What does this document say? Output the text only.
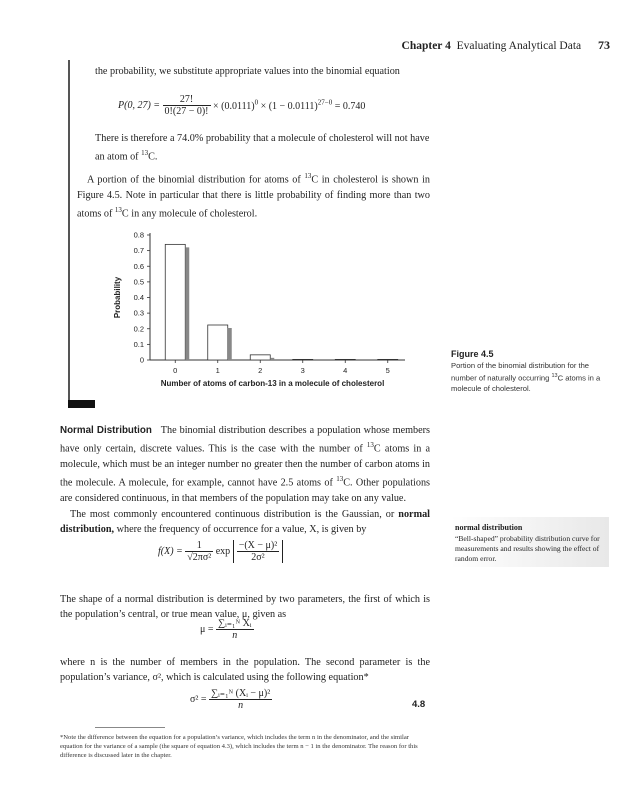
Chapter 4 Evaluating Analytical Data 73
the probability, we substitute appropriate values into the binomial equation
P(0, $27) = \frac{27!}{0!(27 - 0)!} \times (0.0111)^0 \times (1 - 0.0111)^{27-0} = 0.740$
There is therefore a 74.0% probability that a molecule of cholesterol will not have an atom of $^{13}$C.
A portion of the binomial distribution for atoms of $^{13}$C in cholesterol is shown in Figure 4.5. Note in particular that there is little probability of finding more than two atoms of $^{13}$C in any molecule of cholesterol.
0
0.1
0.2
0.3
0.4
0.5
0.6
0.7
0.8
Probability
0	1	2	3	4	5
Number of atoms of carbon-13 in a molecule of cholesterol
Figure 4.5
Portion of the binomial distribution for the number of naturally occurring $^{13}$C atoms in a molecule of cholesterol.
Normal Distribution The binomial distribution describes a population whose members have only certain, discrete values. This is the case with the number of $^{13}$C atoms in a molecule, which must be an integer number no greater then the number of carbon atoms in the molecule. A molecule, for example, cannot have 2.5 atoms of $^{13}$C. Other populations are considered continuous, in that members of the population may take on any value.
The most commonly encountered continuous distribution is the Gaussian, or normal distribution, where the frequency of occurrence for a value, X, is given by
$f(X) = \frac{1}{\text{√2πσ²}}$ $\exp \frac{\text{−(X − μ)²}}{\text{2σ²}}$
The shape of a normal distribution is determined by two parameters, the first of which is the population’s central, or true mean value, μ, given as
$\mu = \frac{\text{∑ᵢ₌₁ᴺ Xᵢ}}{n}$
where n is the number of members in the population. The second parameter is the population’s variance, σ², which is calculated using the following equation*
$\sigma^2 = \frac{\text{∑ᵢ₌₁ᴺ (Xᵢ − μ)²}}{n}$	4.8
normal distribution
“Bell-shaped” probability distribution curve for measurements and results showing the effect of random error.
*Note the difference between the equation for a population’s variance, which includes the term n in the denominator, and the similar equation for the variance of a sample (the square of equation 4.3), which includes the term n − 1 in the denominator. The reason for this difference is discussed later in the chapter.
